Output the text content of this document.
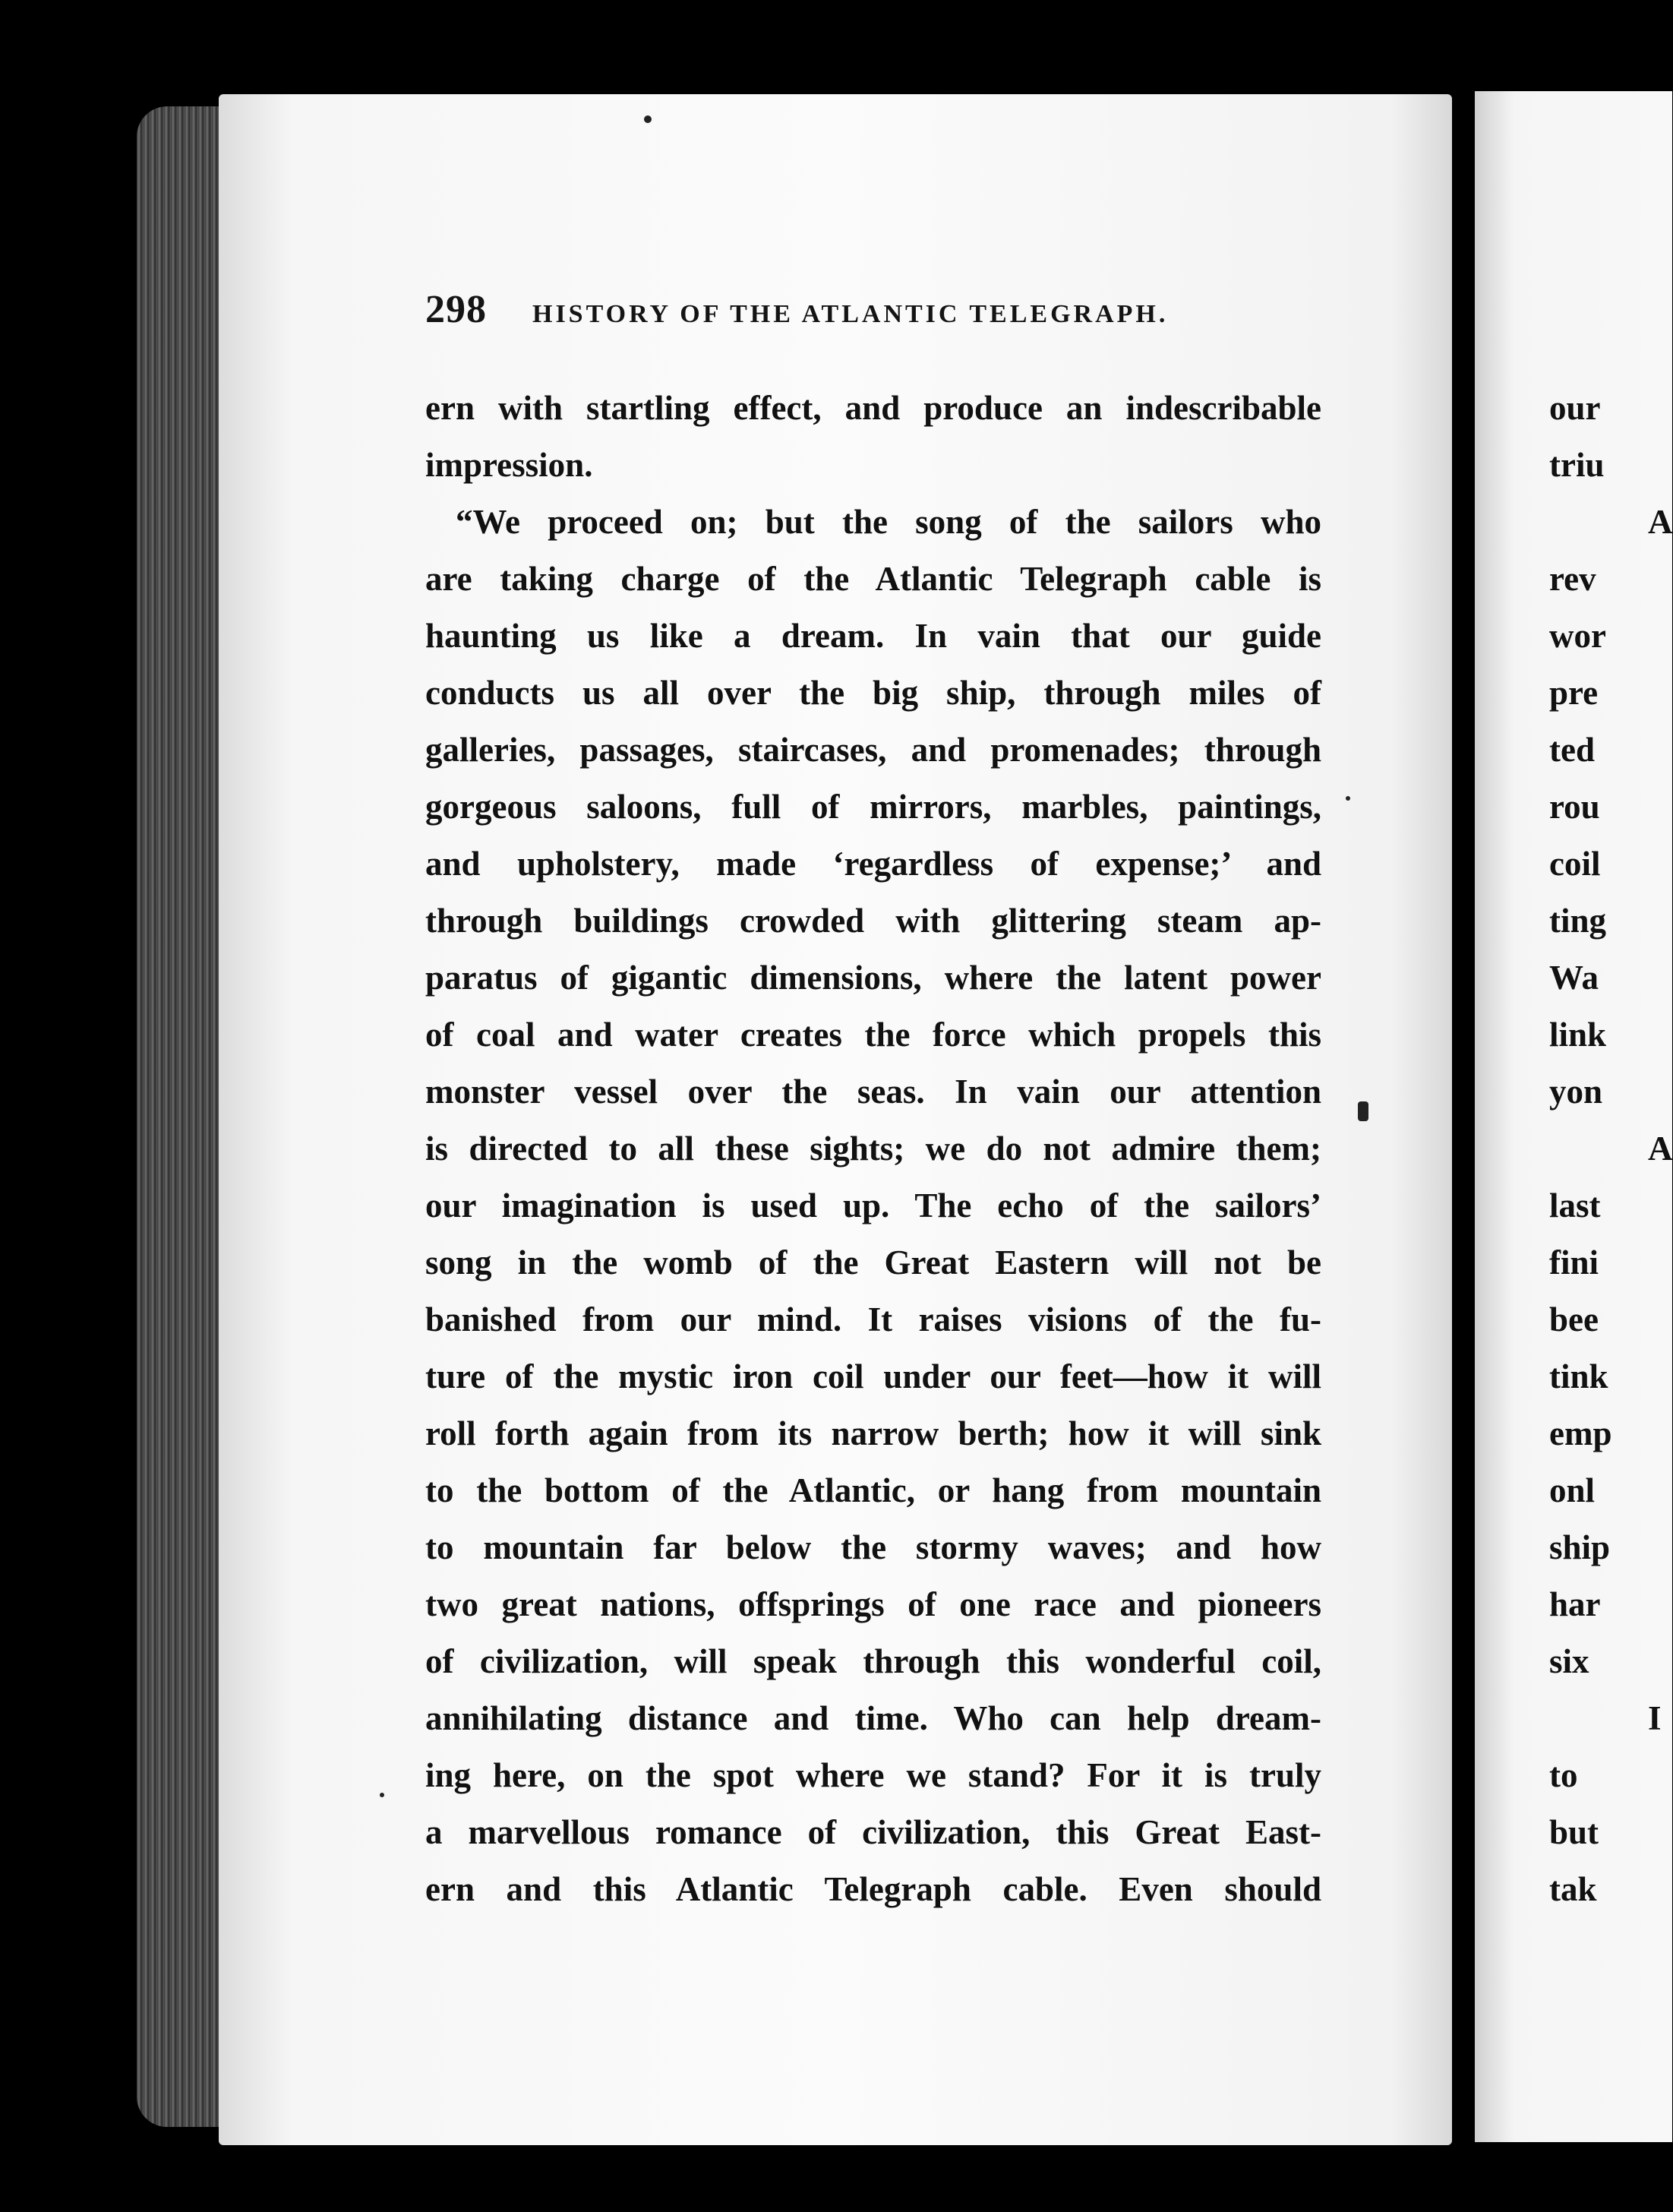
298 HISTORY OF THE ATLANTIC TELEGRAPH.
ern with startling effect, and produce an indescribable
impression.
“We proceed on; but the song of the sailors who
are taking charge of the Atlantic Telegraph cable is
haunting us like a dream. In vain that our guide
conducts us all over the big ship, through miles of
galleries, passages, staircases, and promenades; through
gorgeous saloons, full of mirrors, marbles, paintings,
and upholstery, made ‘regardless of expense;’ and
through buildings crowded with glittering steam ap-
paratus of gigantic dimensions, where the latent power
of coal and water creates the force which propels this
monster vessel over the seas. In vain our attention
is directed to all these sights; we do not admire them;
our imagination is used up. The echo of the sailors’
song in the womb of the Great Eastern will not be
banished from our mind. It raises visions of the fu-
ture of the mystic iron coil under our feet—how it will
roll forth again from its narrow berth; how it will sink
to the bottom of the Atlantic, or hang from mountain
to mountain far below the stormy waves; and how
two great nations, offsprings of one race and pioneers
of civilization, will speak through this wonderful coil,
annihilating distance and time. Who can help dream-
ing here, on the spot where we stand? For it is truly
a marvellous romance of civilization, this Great East-
ern and this Atlantic Telegraph cable. Even should
our
triu
A
rev
wor
pre
ted
rou
coil
ting
Wa
link
yon
A
last
fini
bee
tink
emp
onl
ship
har
six
I
to
but
tak
